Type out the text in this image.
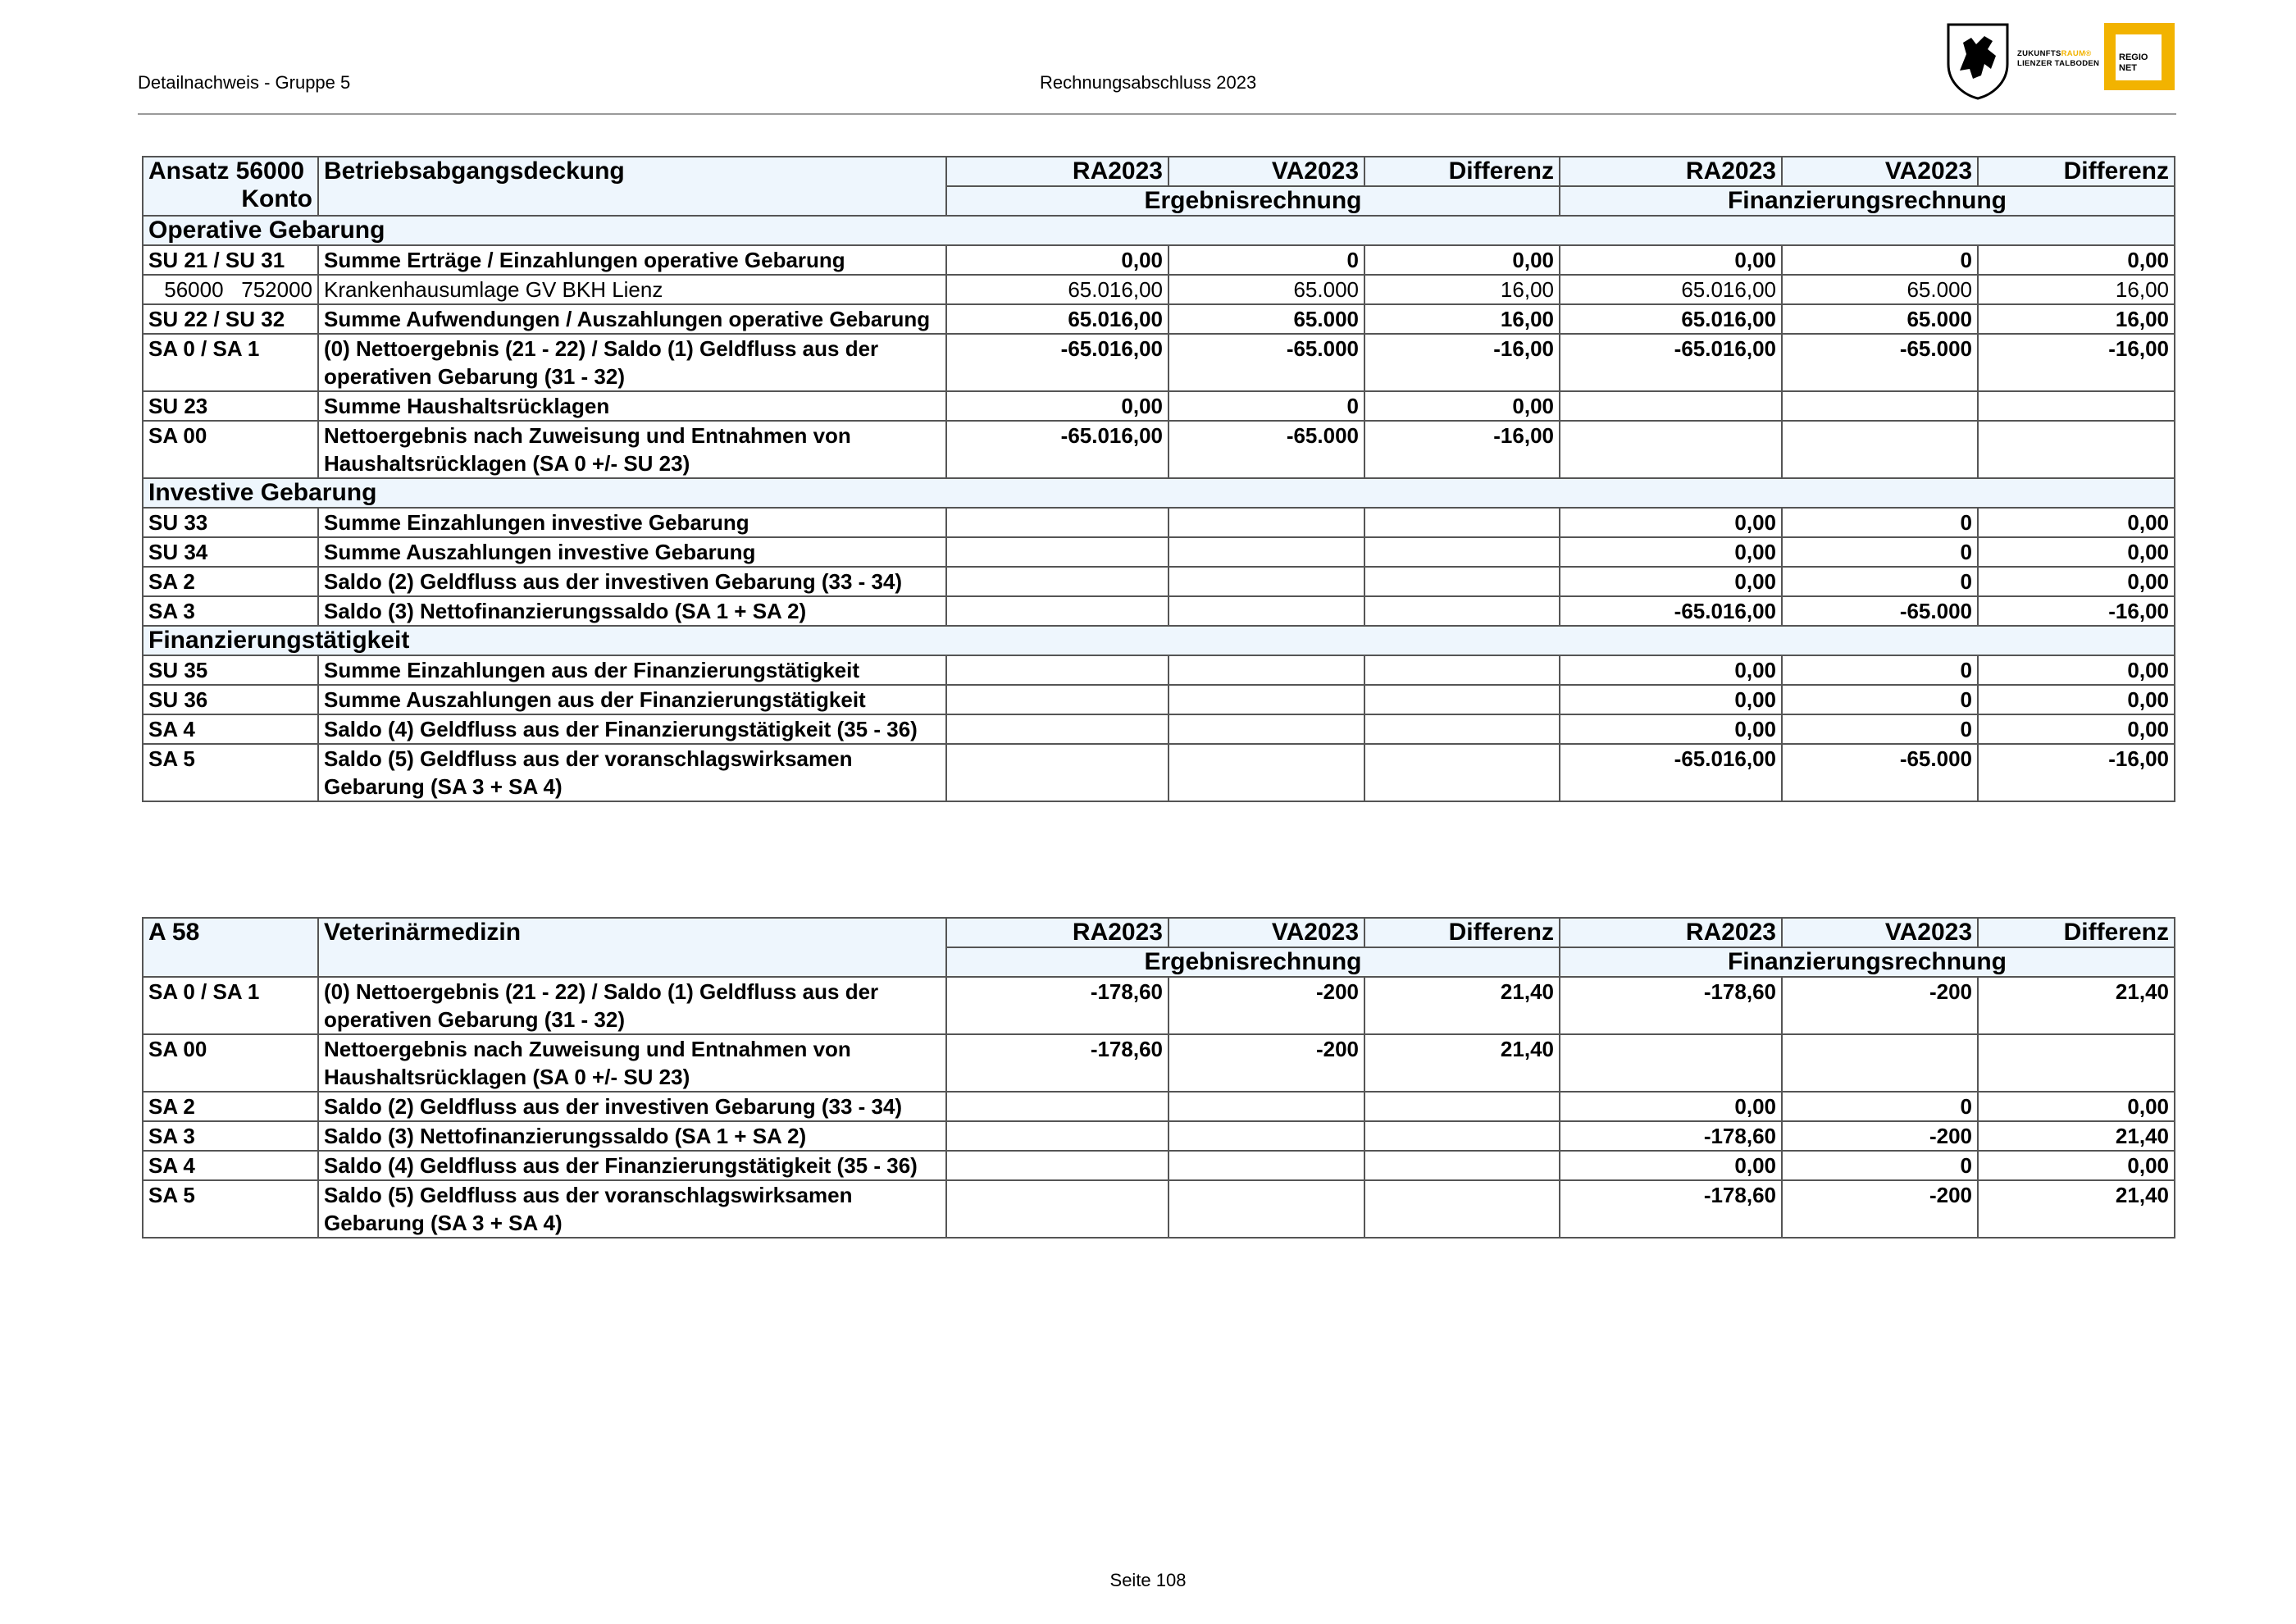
Detailnachweis - Gruppe 5	Rechnungsabschluss 2023
ZUKUNFTSRAUM®
LIENZER TALBODEN
REGIO
NET
Ansatz 56000
Konto	Betriebsabgangsdeckung	RA2023	VA2023	Differenz	RA2023	VA2023	Differenz
		Ergebnisrechnung			Finanzierungsrechnung		
Operative Gebarung							
SU 21 / SU 31	Summe Erträge / Einzahlungen operative Gebarung	0,00	0	0,00	0,00	0	0,00
56000   752000	Krankenhausumlage GV BKH Lienz	65.016,00	65.000	16,00	65.016,00	65.000	16,00
SU 22 / SU 32	Summe Aufwendungen / Auszahlungen operative Gebarung	65.016,00	65.000	16,00	65.016,00	65.000	16,00
SA 0 / SA 1	(0) Nettoergebnis (21 - 22) / Saldo (1) Geldfluss aus der operativen Gebarung (31 - 32)	-65.016,00	-65.000	-16,00	-65.016,00	-65.000	-16,00
SU 23	Summe Haushaltsrücklagen	0,00	0	0,00			
SA 00	Nettoergebnis nach Zuweisung und Entnahmen von Haushaltsrücklagen (SA 0 +/- SU 23)	-65.016,00	-65.000	-16,00			
Investive Gebarung							
SU 33	Summe Einzahlungen investive Gebarung				0,00	0	0,00
SU 34	Summe Auszahlungen investive Gebarung				0,00	0	0,00
SA 2	Saldo (2) Geldfluss aus der investiven Gebarung (33 - 34)				0,00	0	0,00
SA 3	Saldo (3) Nettofinanzierungssaldo (SA 1 + SA 2)				-65.016,00	-65.000	-16,00
Finanzierungstätigkeit							
SU 35	Summe Einzahlungen aus der Finanzierungstätigkeit				0,00	0	0,00
SU 36	Summe Auszahlungen aus der Finanzierungstätigkeit				0,00	0	0,00
SA 4	Saldo (4) Geldfluss aus der Finanzierungstätigkeit (35 - 36)				0,00	0	0,00
SA 5	Saldo (5) Geldfluss aus der voranschlagswirksamen Gebarung (SA 3 + SA 4)				-65.016,00	-65.000	-16,00
A 58	Veterinärmedizin	RA2023	VA2023	Differenz	RA2023	VA2023	Differenz
		Ergebnisrechnung			Finanzierungsrechnung		
SA 0 / SA 1	(0) Nettoergebnis (21 - 22) / Saldo (1) Geldfluss aus der operativen Gebarung (31 - 32)	-178,60	-200	21,40	-178,60	-200	21,40
SA 00	Nettoergebnis nach Zuweisung und Entnahmen von Haushaltsrücklagen (SA 0 +/- SU 23)	-178,60	-200	21,40			
SA 2	Saldo (2) Geldfluss aus der investiven Gebarung (33 - 34)				0,00	0	0,00
SA 3	Saldo (3) Nettofinanzierungssaldo (SA 1 + SA 2)				-178,60	-200	21,40
SA 4	Saldo (4) Geldfluss aus der Finanzierungstätigkeit (35 - 36)				0,00	0	0,00
SA 5	Saldo (5) Geldfluss aus der voranschlagswirksamen Gebarung (SA 3 + SA 4)				-178,60	-200	21,40
Seite 108
